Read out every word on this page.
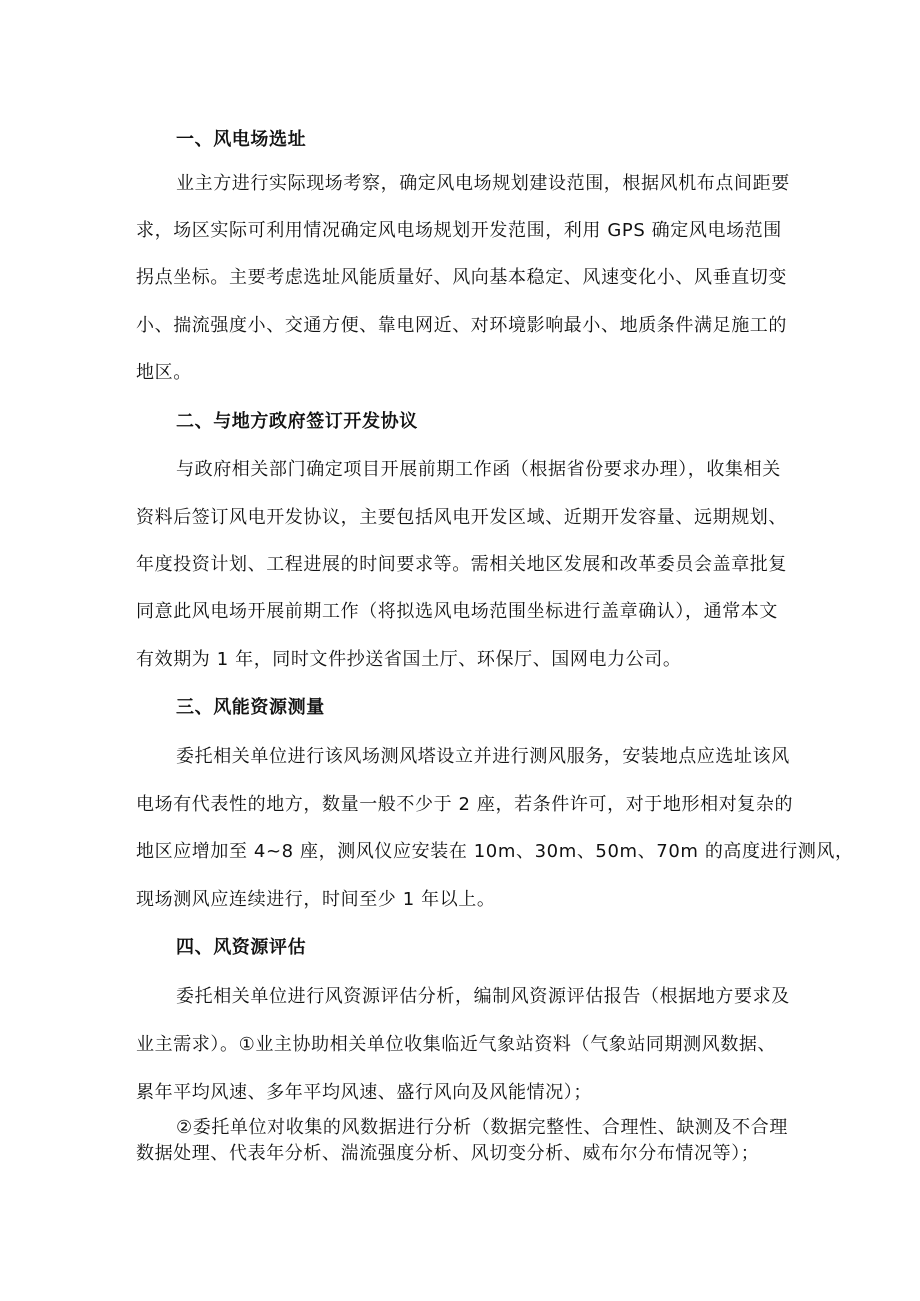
一、风电场选址
业主方进行实际现场考察，确定风电场规划建设范围，根据风机布点间距要
求，场区实际可利用情况确定风电场规划开发范围，利用 GPS 确定风电场范围
拐点坐标。主要考虑选址风能质量好、风向基本稳定、风速变化小、风垂直切变
小、揣流强度小、交通方便、靠电网近、对环境影响最小、地质条件满足施工的
地区。
二、与地方政府签订开发协议
与政府相关部门确定项目开展前期工作函（根据省份要求办理），收集相关
资料后签订风电开发协议，主要包括风电开发区域、近期开发容量、远期规划、
年度投资计划、工程进展的时间要求等。需相关地区发展和改革委员会盖章批复
同意此风电场开展前期工作（将拟选风电场范围坐标进行盖章确认），通常本文
有效期为 1 年，同时文件抄送省国土厅、环保厅、国网电力公司。
三、风能资源测量
委托相关单位进行该风场测风塔设立并进行测风服务，安装地点应选址该风
电场有代表性的地方，数量一般不少于 2 座，若条件许可，对于地形相对复杂的
地区应增加至 4~8 座，测风仪应安装在 10m、30m、50m、70m 的高度进行测风，
现场测风应连续进行，时间至少 1 年以上。
四、风资源评估
委托相关单位进行风资源评估分析，编制风资源评估报告（根据地方要求及
业主需求）。①业主协助相关单位收集临近气象站资料（气象站同期测风数据、
累年平均风速、多年平均风速、盛行风向及风能情况）；
②委托单位对收集的风数据进行分析（数据完整性、合理性、缺测及不合理
数据处理、代表年分析、湍流强度分析、风切变分析、威布尔分布情况等）；
